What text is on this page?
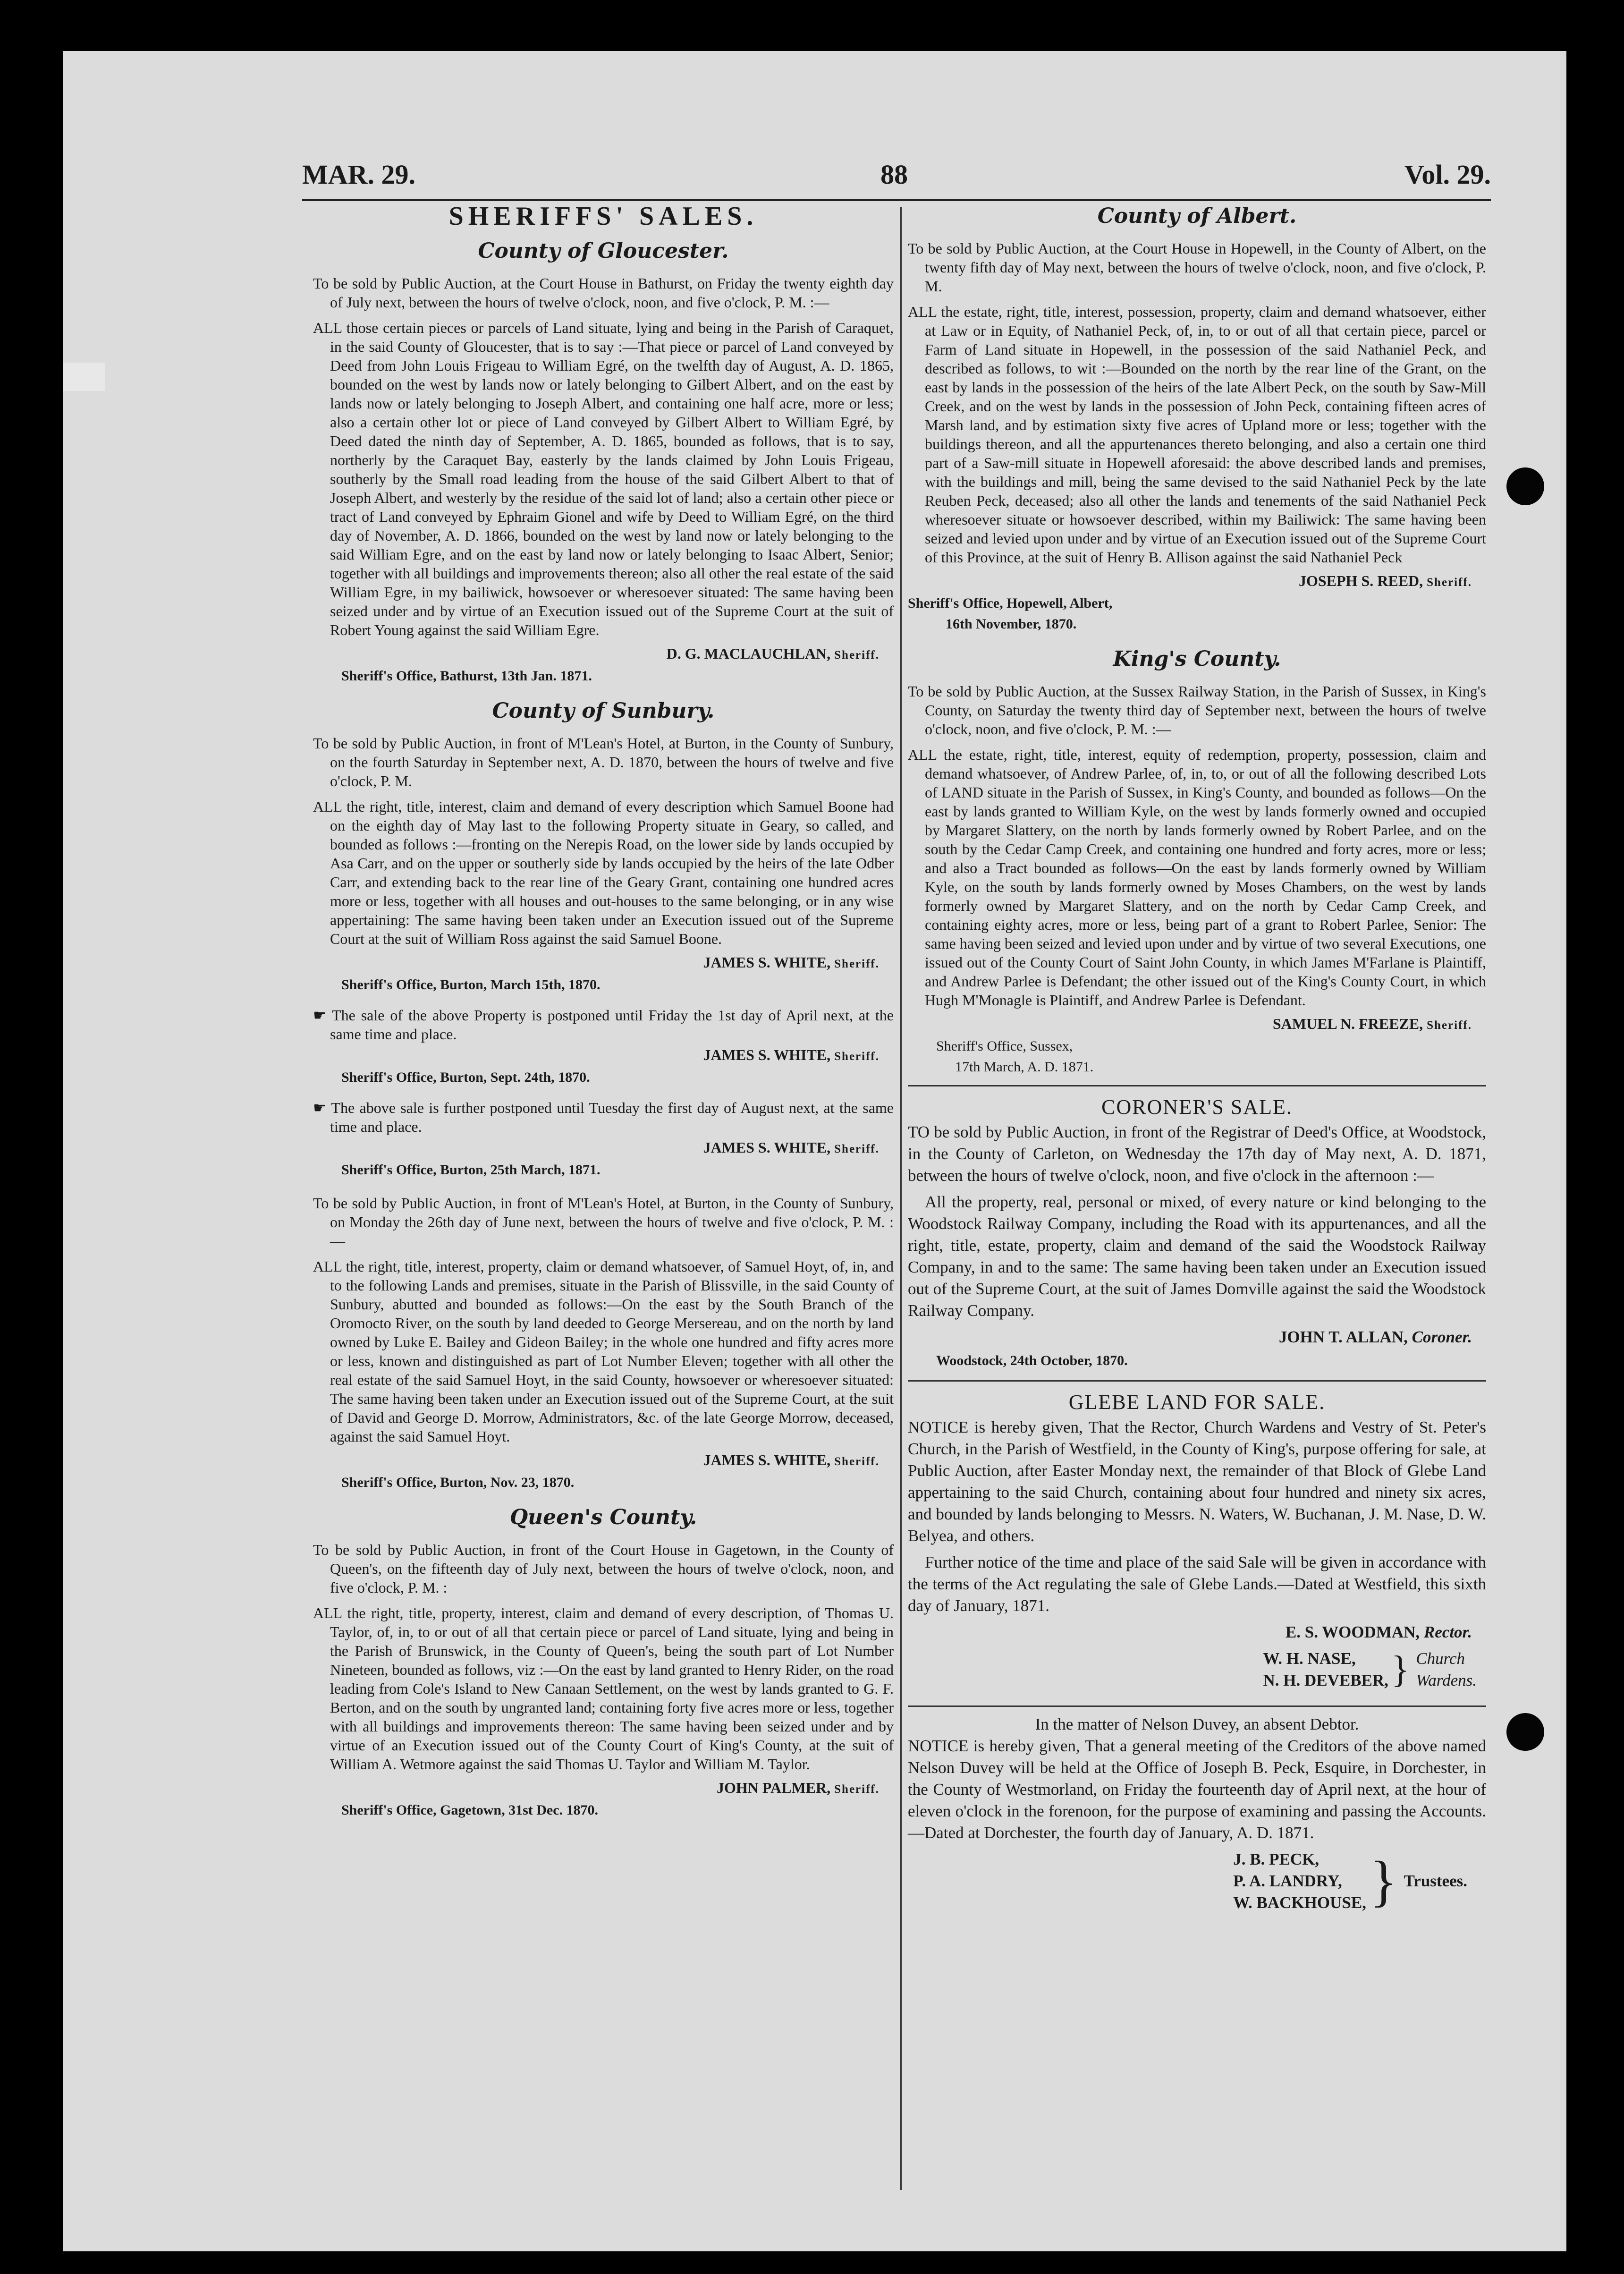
MAR. 29.	88	Vol. 29.
SHERIFFS' SALES.
County of Gloucester.
To be sold by Public Auction, at the Court House in Bathurst, on Friday the twenty eighth day of July next, between the hours of twelve o'clock, noon, and five o'clock, P. M. :—
ALL those certain pieces or parcels of Land situate, lying and being in the Parish of Caraquet, in the said County of Gloucester, that is to say :—That piece or parcel of Land conveyed by Deed from John Louis Frigeau to William Egré, on the twelfth day of August, A. D. 1865, bounded on the west by lands now or lately belonging to Gilbert Albert, and on the east by lands now or lately belonging to Joseph Albert, and containing one half acre, more or less; also a certain other lot or piece of Land conveyed by Gilbert Albert to William Egré, by Deed dated the ninth day of September, A. D. 1865, bounded as follows, that is to say, northerly by the Caraquet Bay, easterly by the lands claimed by John Louis Frigeau, southerly by the Small road leading from the house of the said Gilbert Albert to that of Joseph Albert, and westerly by the residue of the said lot of land; also a certain other piece or tract of Land conveyed by Ephraim Gionel and wife by Deed to William Egré, on the third day of November, A. D. 1866, bounded on the west by land now or lately belonging to the said William Egre, and on the east by land now or lately belonging to Isaac Albert, Senior; together with all buildings and improvements thereon; also all other the real estate of the said William Egre, in my bailiwick, howsoever or wheresoever situated: The same having been seized under and by virtue of an Execution issued out of the Supreme Court at the suit of Robert Young against the said William Egre.
D. G. MACLAUCHLAN, Sheriff.
Sheriff's Office, Bathurst, 13th Jan. 1871.
County of Sunbury.
To be sold by Public Auction, in front of M'Lean's Hotel, at Burton, in the County of Sunbury, on the fourth Saturday in September next, A. D. 1870, between the hours of twelve and five o'clock, P. M.
ALL the right, title, interest, claim and demand of every description which Samuel Boone had on the eighth day of May last to the following Property situate in Geary, so called, and bounded as follows :—fronting on the Nerepis Road, on the lower side by lands occupied by Asa Carr, and on the upper or southerly side by lands occupied by the heirs of the late Odber Carr, and extending back to the rear line of the Geary Grant, containing one hundred acres more or less, together with all houses and out-houses to the same belonging, or in any wise appertaining: The same having been taken under an Execution issued out of the Supreme Court at the suit of William Ross against the said Samuel Boone.
JAMES S. WHITE, Sheriff.
Sheriff's Office, Burton, March 15th, 1870.
☛ The sale of the above Property is postponed until Friday the 1st day of April next, at the same time and place.
JAMES S. WHITE, Sheriff.
Sheriff's Office, Burton, Sept. 24th, 1870.
☛ The above sale is further postponed until Tuesday the first day of August next, at the same time and place.
JAMES S. WHITE, Sheriff.
Sheriff's Office, Burton, 25th March, 1871.
To be sold by Public Auction, in front of M'Lean's Hotel, at Burton, in the County of Sunbury, on Monday the 26th day of June next, between the hours of twelve and five o'clock, P. M. :—
ALL the right, title, interest, property, claim or demand whatsoever, of Samuel Hoyt, of, in, and to the following Lands and premises, situate in the Parish of Blissville, in the said County of Sunbury, abutted and bounded as follows:—On the east by the South Branch of the Oromocto River, on the south by land deeded to George Mersereau, and on the north by land owned by Luke E. Bailey and Gideon Bailey; in the whole one hundred and fifty acres more or less, known and distinguished as part of Lot Number Eleven; together with all other the real estate of the said Samuel Hoyt, in the said County, howsoever or wheresoever situated: The same having been taken under an Execution issued out of the Supreme Court, at the suit of David and George D. Morrow, Administrators, &c. of the late George Morrow, deceased, against the said Samuel Hoyt.
JAMES S. WHITE, Sheriff.
Sheriff's Office, Burton, Nov. 23, 1870.
Queen's County.
To be sold by Public Auction, in front of the Court House in Gagetown, in the County of Queen's, on the fifteenth day of July next, between the hours of twelve o'clock, noon, and five o'clock, P. M. :
ALL the right, title, property, interest, claim and demand of every description, of Thomas U. Taylor, of, in, to or out of all that certain piece or parcel of Land situate, lying and being in the Parish of Brunswick, in the County of Queen's, being the south part of Lot Number Nineteen, bounded as follows, viz :—On the east by land granted to Henry Rider, on the road leading from Cole's Island to New Canaan Settlement, on the west by lands granted to G. F. Berton, and on the south by ungranted land; containing forty five acres more or less, together with all buildings and improvements thereon: The same having been seized under and by virtue of an Execution issued out of the County Court of King's County, at the suit of William A. Wetmore against the said Thomas U. Taylor and William M. Taylor.
JOHN PALMER, Sheriff.
Sheriff's Office, Gagetown, 31st Dec. 1870.
County of Albert.
To be sold by Public Auction, at the Court House in Hopewell, in the County of Albert, on the twenty fifth day of May next, between the hours of twelve o'clock, noon, and five o'clock, P. M.
ALL the estate, right, title, interest, possession, property, claim and demand whatsoever, either at Law or in Equity, of Nathaniel Peck, of, in, to or out of all that certain piece, parcel or Farm of Land situate in Hopewell, in the possession of the said Nathaniel Peck, and described as follows, to wit :—Bounded on the north by the rear line of the Grant, on the east by lands in the possession of the heirs of the late Albert Peck, on the south by Saw-Mill Creek, and on the west by lands in the possession of John Peck, containing fifteen acres of Marsh land, and by estimation sixty five acres of Upland more or less; together with the buildings thereon, and all the appurtenances thereto belonging, and also a certain one third part of a Saw-mill situate in Hopewell aforesaid: the above described lands and premises, with the buildings and mill, being the same devised to the said Nathaniel Peck by the late Reuben Peck, deceased; also all other the lands and tenements of the said Nathaniel Peck wheresoever situate or howsoever described, within my Bailiwick: The same having been seized and levied upon under and by virtue of an Execution issued out of the Supreme Court of this Province, at the suit of Henry B. Allison against the said Nathaniel Peck
JOSEPH S. REED, Sheriff.
Sheriff's Office, Hopewell, Albert,
16th November, 1870.
King's County.
To be sold by Public Auction, at the Sussex Railway Station, in the Parish of Sussex, in King's County, on Saturday the twenty third day of September next, between the hours of twelve o'clock, noon, and five o'clock, P. M. :—
ALL the estate, right, title, interest, equity of redemption, property, possession, claim and demand whatsoever, of Andrew Parlee, of, in, to, or out of all the following described Lots of LAND situate in the Parish of Sussex, in King's County, and bounded as follows—On the east by lands granted to William Kyle, on the west by lands formerly owned and occupied by Margaret Slattery, on the north by lands formerly owned by Robert Parlee, and on the south by the Cedar Camp Creek, and containing one hundred and forty acres, more or less; and also a Tract bounded as follows—On the east by lands formerly owned by William Kyle, on the south by lands formerly owned by Moses Chambers, on the west by lands formerly owned by Margaret Slattery, and on the north by Cedar Camp Creek, and containing eighty acres, more or less, being part of a grant to Robert Parlee, Senior: The same having been seized and levied upon under and by virtue of two several Executions, one issued out of the County Court of Saint John County, in which James M'Farlane is Plaintiff, and Andrew Parlee is Defendant; the other issued out of the King's County Court, in which Hugh M'Monagle is Plaintiff, and Andrew Parlee is Defendant.
SAMUEL N. FREEZE, Sheriff.
Sheriff's Office, Sussex,
17th March, A. D. 1871.
CORONER'S SALE.
TO be sold by Public Auction, in front of the Registrar of Deed's Office, at Woodstock, in the County of Carleton, on Wednesday the 17th day of May next, A. D. 1871, between the hours of twelve o'clock, noon, and five o'clock in the afternoon :—
All the property, real, personal or mixed, of every nature or kind belonging to the Woodstock Railway Company, including the Road with its appurtenances, and all the right, title, estate, property, claim and demand of the said the Woodstock Railway Company, in and to the same: The same having been taken under an Execution issued out of the Supreme Court, at the suit of James Domville against the said the Woodstock Railway Company.
JOHN T. ALLAN, Coroner.
Woodstock, 24th October, 1870.
GLEBE LAND FOR SALE.
NOTICE is hereby given, That the Rector, Church Wardens and Vestry of St. Peter's Church, in the Parish of Westfield, in the County of King's, purpose offering for sale, at Public Auction, after Easter Monday next, the remainder of that Block of Glebe Land appertaining to the said Church, containing about four hundred and ninety six acres, and bounded by lands belonging to Messrs. N. Waters, W. Buchanan, J. M. Nase, D. W. Belyea, and others.
Further notice of the time and place of the said Sale will be given in accordance with the terms of the Act regulating the sale of Glebe Lands.—Dated at Westfield, this sixth day of January, 1871.
E. S. WOODMAN, Rector.
W. H. NASE,
N. H. DEVEBER, } Church
Wardens.
In the matter of Nelson Duvey, an absent Debtor.
NOTICE is hereby given, That a general meeting of the Creditors of the above named Nelson Duvey will be held at the Office of Joseph B. Peck, Esquire, in Dorchester, in the County of Westmorland, on Friday the fourteenth day of April next, at the hour of eleven o'clock in the forenoon, for the purpose of examining and passing the Accounts.—Dated at Dorchester, the fourth day of January, A. D. 1871.
J. B. PECK,
P. A. LANDRY,
W. BACKHOUSE, } Trustees.
